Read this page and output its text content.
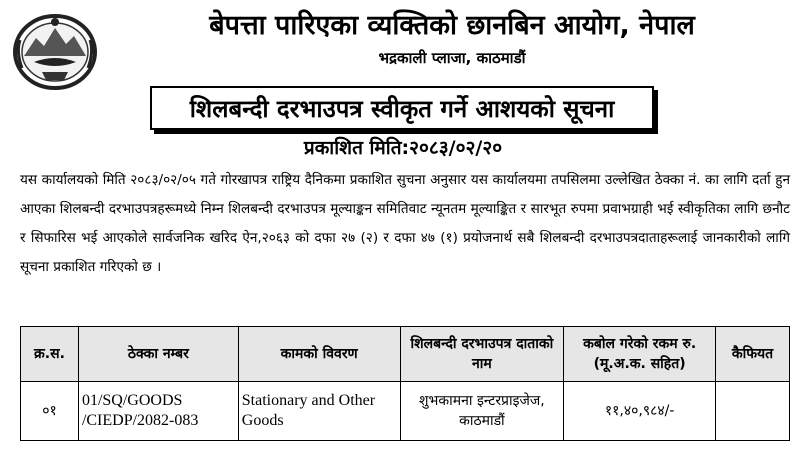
बेपत्ता पारिएका व्यक्तिको छानबिन आयोग, नेपाल
भद्रकाली प्लाजा, काठमाडौं
शिलबन्दी दरभाउपत्र स्वीकृत गर्ने आशयको सूचना
प्रकाशित मिति:२०८३/०२/२०

यस कार्यालयको मिति २०८३/०२/०५ गते गोरखापत्र राष्ट्रिय दैनिकमा प्रकाशित सुचना अनुसार यस कार्यालयमा तपसिलमा उल्लेखित ठेक्का नं. का लागि दर्ता हुन आएका शिलबन्दी दरभाउपत्रहरूमध्ये निम्न शिलबन्दी दरभाउपत्र मूल्याङ्कन समितिवाट न्यूनतम मूल्याङ्कित र सारभूत रुपमा प्रवाभग्राही भई स्वीकृतिका लागि छनौट र सिफारिस भई आएकोले सार्वजनिक खरिद ऐन,२०६३ को दफा २७ (२) र दफा ४७ (१) प्रयोजनार्थ सबै शिलबन्दी दरभाउपत्रदाताहरूलाई जानकारीको लागि सूचना प्रकाशित गरिएको छ ।

क्र.स.	ठेक्का नम्बर	कामको विवरण	शिलबन्दी दरभाउपत्र दाताको नाम	कबोल गरेको रकम रु. (मू.अ.क. सहित)	कैफियत
०१	01/SQ/GOODS /CIEDP/2082-083	Stationary and Other Goods	शुभकामना इन्टरप्राइजेज, काठमाडौं	११,४०,९८४/-	
